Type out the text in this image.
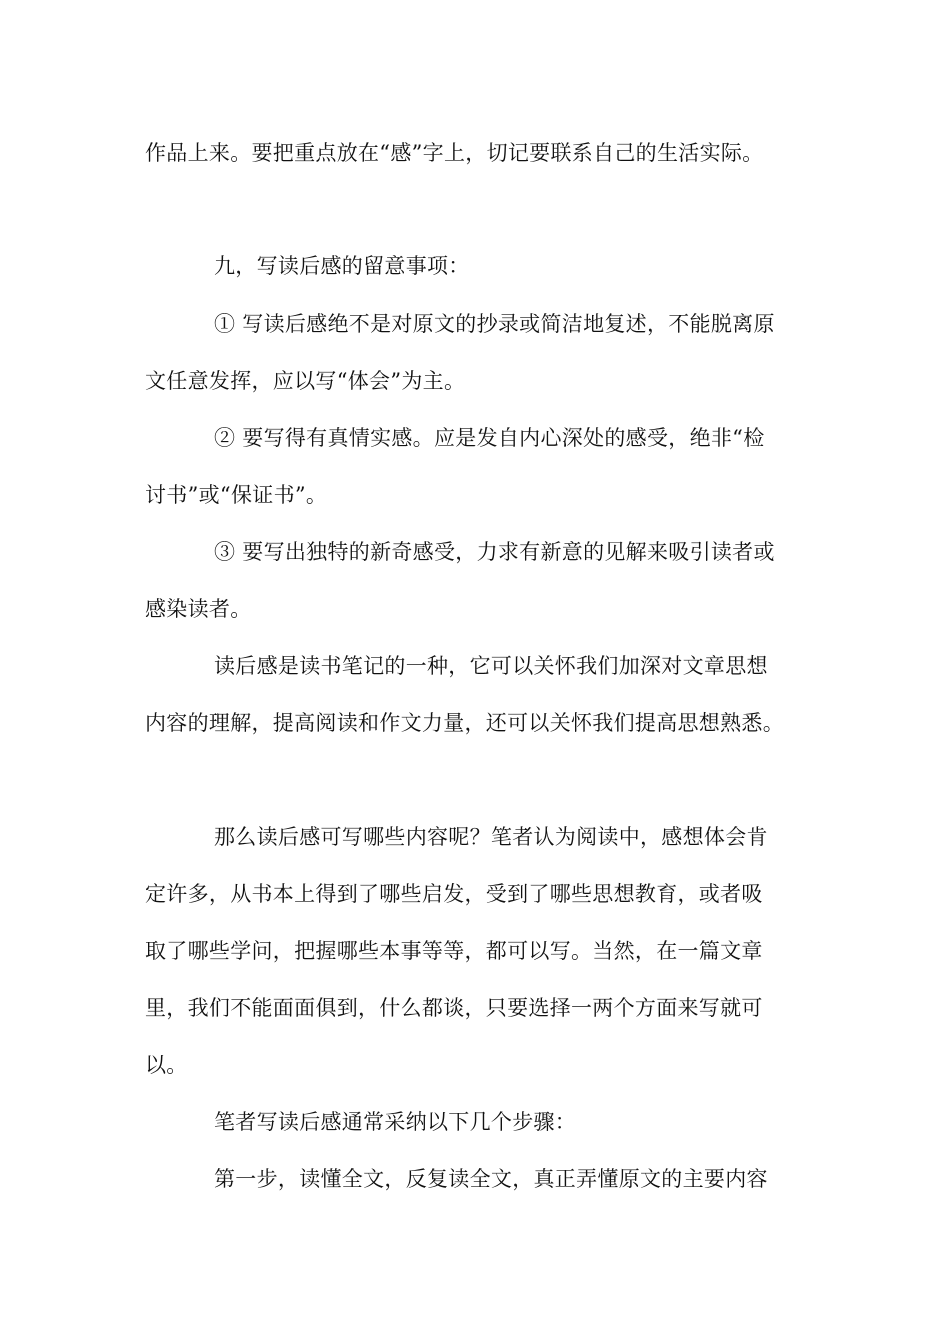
作品上来。要把重点放在“感”字上，切记要联系自己的生活实际。

九，写读后感的留意事项：

① 写读后感绝不是对原文的抄录或简洁地复述，不能脱离原

文任意发挥，应以写“体会”为主。

② 要写得有真情实感。应是发自内心深处的感受，绝非“检

讨书”或“保证书”。

③ 要写出独特的新奇感受，力求有新意的见解来吸引读者或

感染读者。

读后感是读书笔记的一种，它可以关怀我们加深对文章思想

内容的理解，提高阅读和作文力量，还可以关怀我们提高思想熟悉。

那么读后感可写哪些内容呢？笔者认为阅读中，感想体会肯

定许多，从书本上得到了哪些启发，受到了哪些思想教育，或者吸

取了哪些学问，把握哪些本事等等，都可以写。当然，在一篇文章

里，我们不能面面俱到，什么都谈，只要选择一两个方面来写就可

以。

笔者写读后感通常采纳以下几个步骤：

第一步，读懂全文，反复读全文，真正弄懂原文的主要内容
